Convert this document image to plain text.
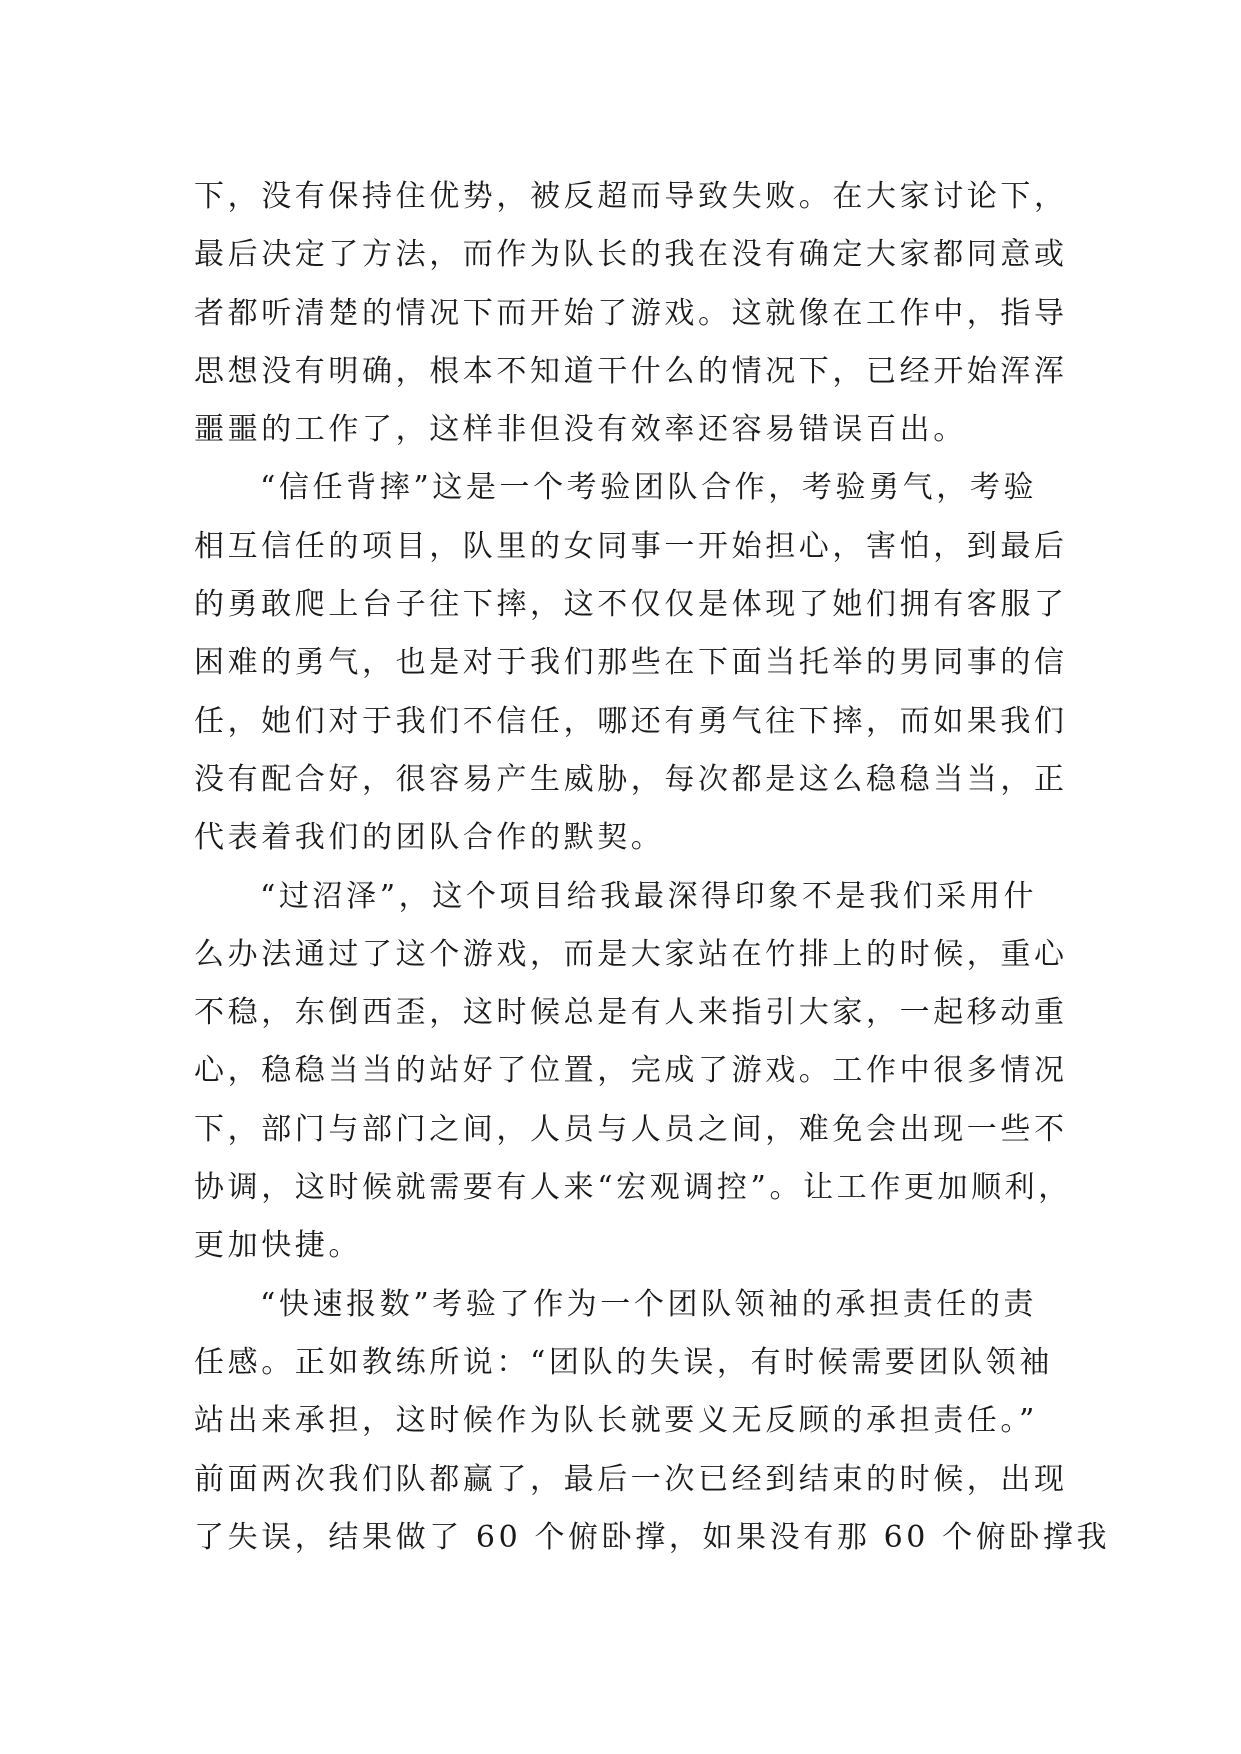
下，没有保持住优势，被反超而导致失败。在大家讨论下，
最后决定了方法，而作为队长的我在没有确定大家都同意或
者都听清楚的情况下而开始了游戏。这就像在工作中，指导
思想没有明确，根本不知道干什么的情况下，已经开始浑浑
噩噩的工作了，这样非但没有效率还容易错误百出。
“信任背摔”这是一个考验团队合作，考验勇气，考验
相互信任的项目，队里的女同事一开始担心，害怕，到最后
的勇敢爬上台子往下摔，这不仅仅是体现了她们拥有客服了
困难的勇气，也是对于我们那些在下面当托举的男同事的信
任，她们对于我们不信任，哪还有勇气往下摔，而如果我们
没有配合好，很容易产生威胁，每次都是这么稳稳当当，正
代表着我们的团队合作的默契。
“过沼泽”，这个项目给我最深得印象不是我们采用什
么办法通过了这个游戏，而是大家站在竹排上的时候，重心
不稳，东倒西歪，这时候总是有人来指引大家，一起移动重
心，稳稳当当的站好了位置，完成了游戏。工作中很多情况
下，部门与部门之间，人员与人员之间，难免会出现一些不
协调，这时候就需要有人来“宏观调控”。让工作更加顺利，
更加快捷。
“快速报数”考验了作为一个团队领袖的承担责任的责
任感。正如教练所说：“团队的失误，有时候需要团队领袖
站出来承担，这时候作为队长就要义无反顾的承担责任。”
前面两次我们队都赢了，最后一次已经到结束的时候，出现
了失误，结果做了 60 个俯卧撑，如果没有那 60 个俯卧撑我
